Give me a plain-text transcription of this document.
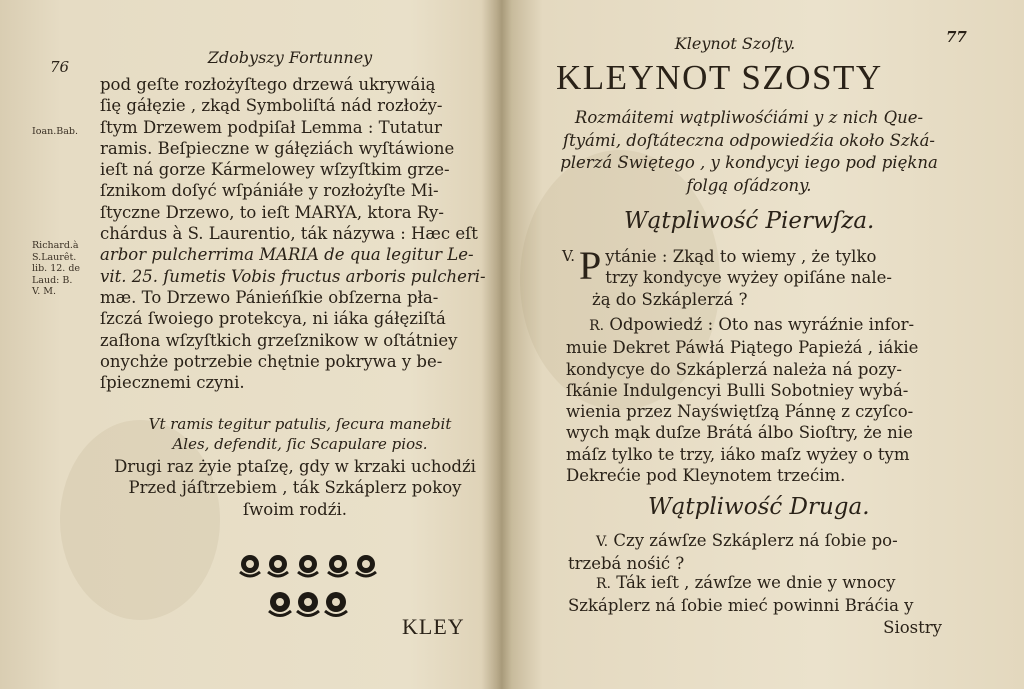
76	Zdobyszy Fortunney
Ioan.Bab.
Richard.à
S.Laurêt.
lib. 12. de
Laud: B.
V. M.

pod geſte rozłożyſtego drzewá ukrywáią

ſię gáłęzie , zkąd Symboliſtá nád rozłoży-

ſtym Drzewem podpiſał Lemma : Tutatur

ramis. Beſpieczne w gáłęziách wyſtáwione

ieſt ná gorze Kármelowey wſzyſtkim grze-

ſznikom doſyć wſpániáłe y rozłożyſte Mi-

ſtyczne Drzewo, to ieſt MARYA, ktora Ry-

chárdus à S. Laurentio, ták názywa : Hæc eſt

arbor pulcherrima MARIA de qua legitur Le-

vit. 25. ſumetis Vobis fructus arboris pulcheri-

mæ. To Drzewo Pánieńſkie obſzerna pła-

ſzczá ſwoiego protekcya, ni iáka gáłęziſtá

zaſłona wſzyſtkich grzeſznikow w oſtátniey

onychże potrzebie chętnie pokrywa y be-

ſpiecznemi czyni.

Vt ramis tegitur patulis, ſecura manebit

Ales, defendit, ſic Scapulare pios.

Drugi raz żyie ptaſzę, gdy w krzaki uchodźi

Przed jáſtrzebiem , ták Szkáplerz pokoy

ſwoim rodźi.

KLEY
Kleynot Szoſty.	77
KLEYNOT SZOSTY
Rozmáitemi wątpliwośćiámi y z nich Que- ſtyámi, doſtáteczna odpowiedźia około Szká- plerzá Swiętego , y kondycyi iego pod piękna folgą oſádzony.
Wątpliwość Pierwſza.
V. P ytánie : Zkąd to wiemy , że tylko

trzy kondycye wyżey opiſáne nale-

żą do Szkáplerzá ?

R. Odpowiedź : Oto nas wyráźnie infor-

muie Dekret Páwłá Piątego Papieżá , iákie

kondycye do Szkáplerzá należa ná pozy-

ſkánie Indulgencyi Bulli Sobotniey wybá-

wienia przez Nayświętſzą Pánnę z czyſco-

wych mąk duſze Brátá álbo Sioſtry, że nie

máſz tylko te trzy, iáko maſz wyżey o tym

Dekrećie pod Kleynotem trzećim.

Wątpliwość Druga.

V. Czy záwſze Szkáplerz ná ſobie po-

trzebá nośić ?

R. Ták ieſt , záwſze we dnie y wnocy

Szkáplerz ná ſobie mieć powinni Bráćia y

Siostry
